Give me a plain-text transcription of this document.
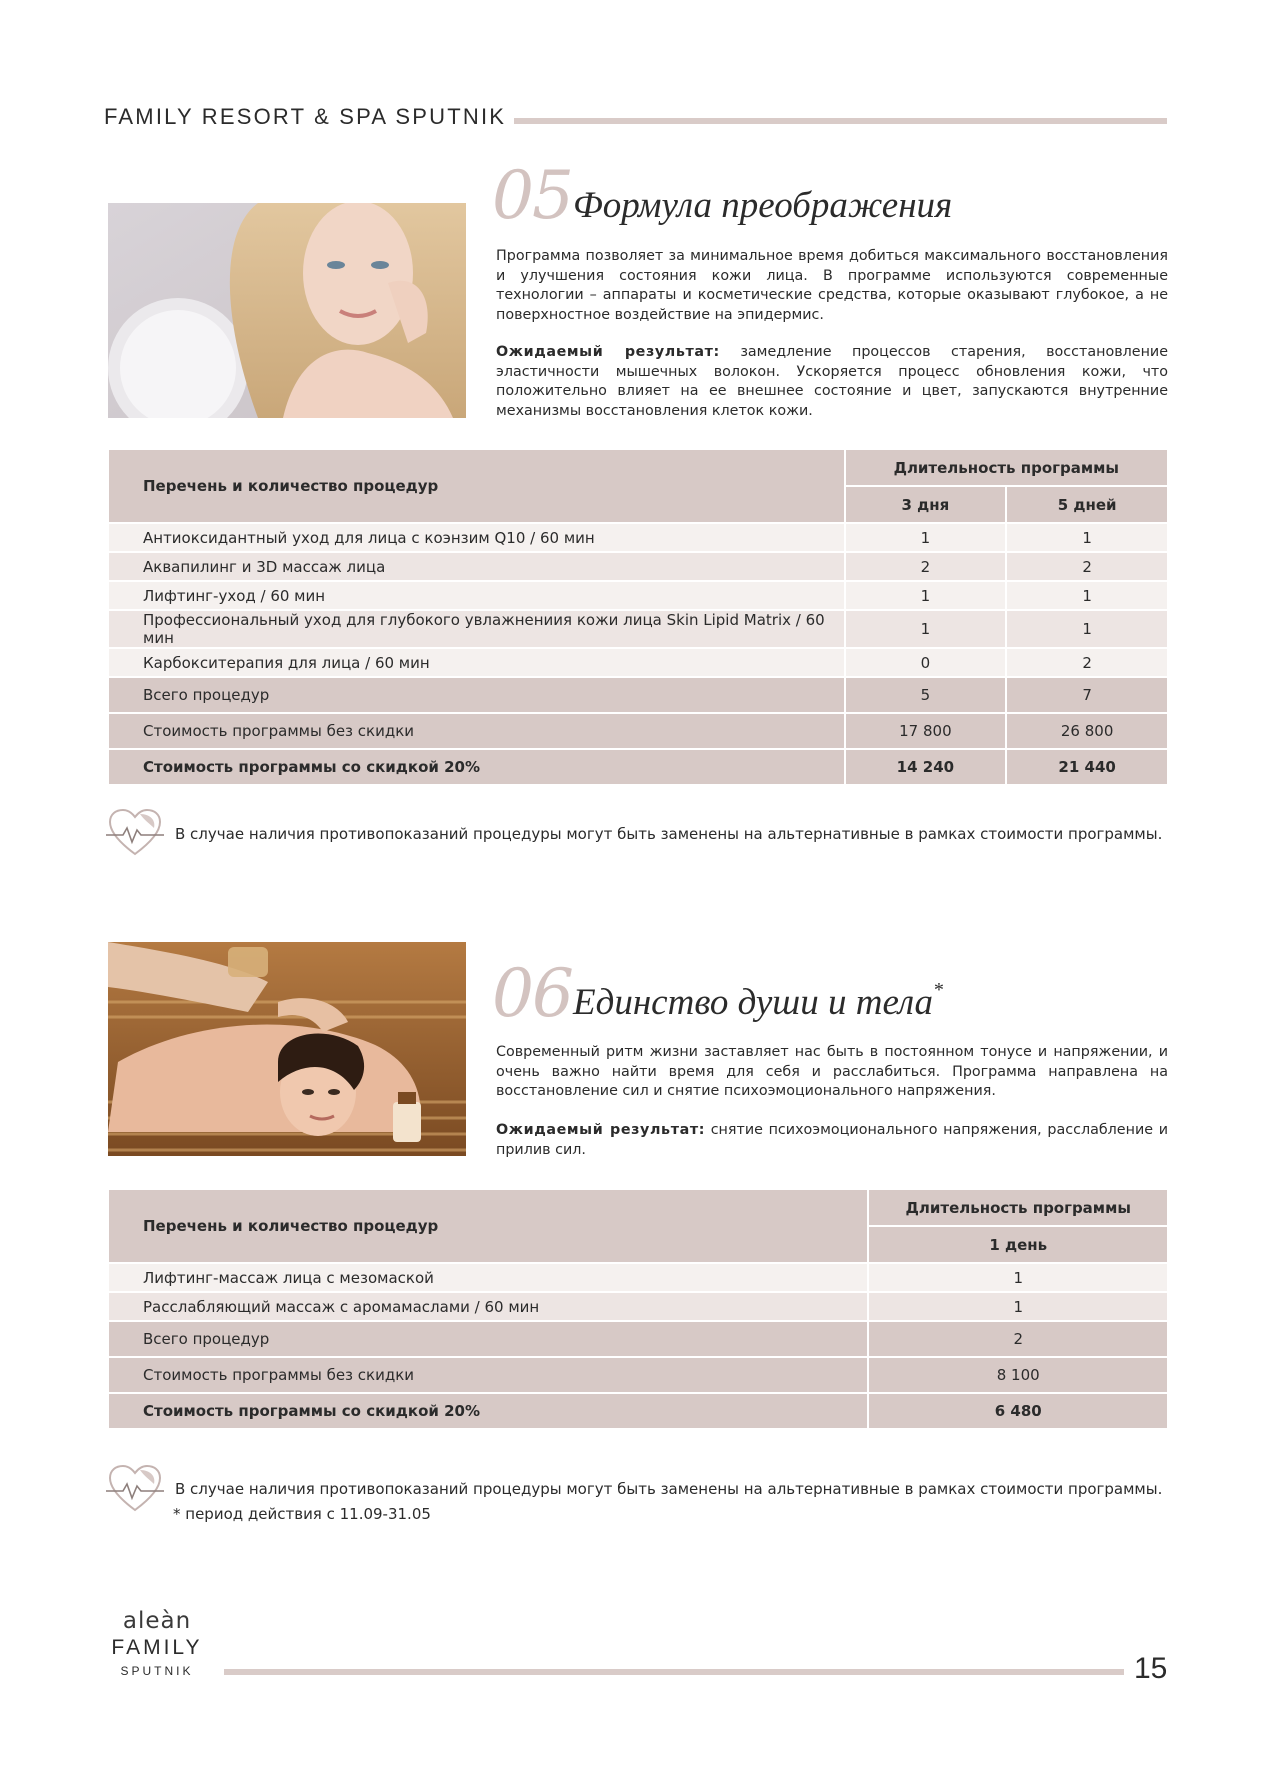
FAMILY RESORT & SPA SPUTNIK
05 Формула преображения
Программа позволяет за минимальное время добиться максимального восстановления и улучшения состояния кожи лица. В программе используются современные технологии – аппараты и косметические средства, которые оказывают глубокое, а не поверхностное воздействие на эпидермис.
Ожидаемый результат: замедление процессов старения, восстановление эластичности мышечных волокон. Ускоряется процесс обновления кожи, что положительно влияет на ее внешнее состояние и цвет, запускаются внутренние механизмы восстановления клеток кожи.
Перечень и количество процедур	Длительность программы	
	3 дня	5 дней
Антиоксидантный уход для лица с коэнзим Q10 / 60 мин	1	1
Аквапилинг и 3D массаж лица	2	2
Лифтинг-уход / 60 мин	1	1
Профессиональный уход для глубокого увлажнениия кожи лица Skin Lipid Matrix / 60 мин	1	1
Карбокситерапия для лица / 60 мин	0	2
Всего процедур	5	7
Стоимость программы без скидки	17 800	26 800
Стоимость программы со скидкой 20%	14 240	21 440
В случае наличия противопоказаний процедуры могут быть заменены на альтернативные в рамках стоимости программы.
06 Единство души и тела*
Современный ритм жизни заставляет нас быть в постоянном тонусе и напряжении, и очень важно найти время для себя и расслабиться. Программа направлена на восстановление сил и снятие психоэмоционального напряжения.
Ожидаемый результат: снятие психоэмоционального напряжения, расслабление и прилив сил.
Перечень и количество процедур	Длительность программы
	1 день
Лифтинг-массаж лица с мезомаской	1
Расслабляющий массаж с аромамаслами / 60 мин	1
Всего процедур	2
Стоимость программы без скидки	8 100
Стоимость программы со скидкой 20%	6 480
В случае наличия противопоказаний процедуры могут быть заменены на альтернативные в рамках стоимости программы.
* период действия с 11.09-31.05
aleàn
FAMILY
SPUTNIK	15
